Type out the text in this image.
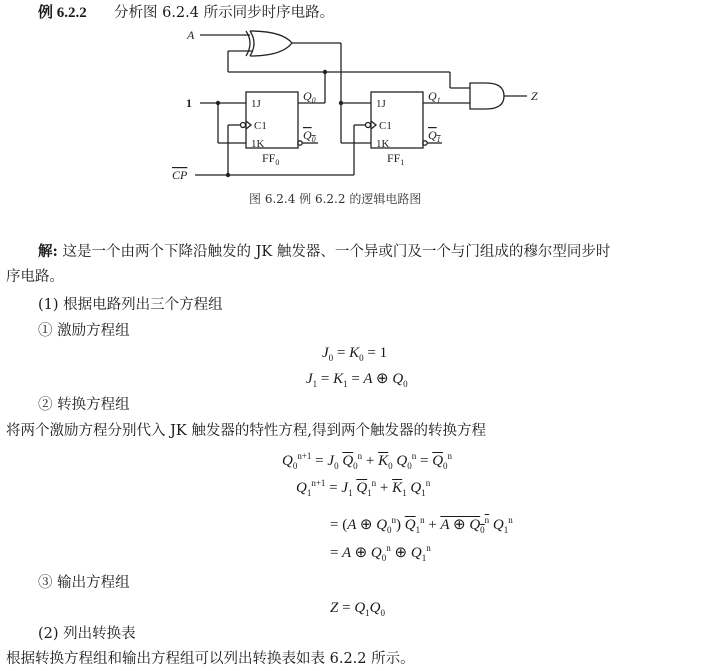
例 6.2.2 分析图 6.2.4 所示同步时序电路。
A
1
CP
Z
1J
C1
1K
$Q_0$
$Q_0$
$FF_0$
1J
C1
1K
$Q_1$
$Q_1$
$FF_1$
图 6.2.4 例 6.2.2 的逻辑电路图
解: 这是一个由两个下降沿触发的 JK 触发器、一个异或门及一个与门组成的穆尔型同步时
序电路。
(1) 根据电路列出三个方程组
① 激励方程组
$J_0 = K_0 = 1$
$J_1 = K_1 = A$ ⊕ $Q_0$
② 转换方程组
将两个激励方程分别代入 JK 触发器的特性方程,得到两个触发器的转换方程
$Q_0^{n+1} = J_0$ $\overline{Q}_0^n + \overline{K}_0$ $Q_0^n = \overline{Q}_0^n$
$Q_1^{n+1} = J_1$ $\overline{Q}_1^n + \overline{K}_1$ $Q_1^n$
= (A ⊕ $Q_0^n$) $\overline{Q}_1^n + A$ ⊕ $Q_0^n$ $Q_1^n$
= A ⊕ $Q_0^n$ ⊕ $Q_1^n$
③ 输出方程组
$Z = Q_1Q_0$
(2) 列出转换表
根据转换方程组和输出方程组可以列出转换表如表 6.2.2 所示。
